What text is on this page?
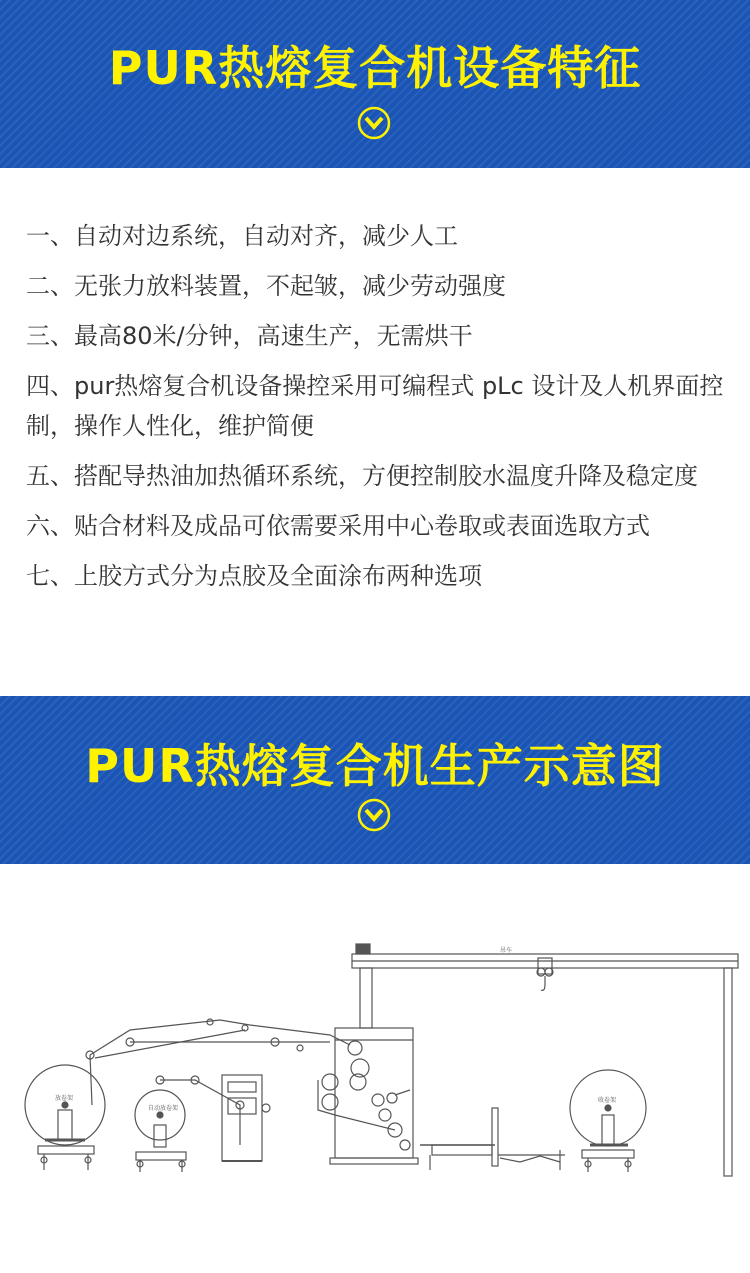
PUR热熔复合机设备特征
一、自动对边系统，自动对齐，减少人工
二、无张力放料装置，不起皱，减少劳动强度
三、最高80米/分钟，高速生产，无需烘干
四、pur热熔复合机设备操控采用可编程式 pLc 设计及人机界面控制，操作人性化，维护简便
五、搭配导热油加热循环系统，方便控制胶水温度升降及稳定度
六、贴合材料及成品可依需要采用中心卷取或表面选取方式
七、上胶方式分为点胶及全面涂布两种选项
PUR热熔复合机生产示意图
吊车
放卷架
自动放卷架
收卷架
